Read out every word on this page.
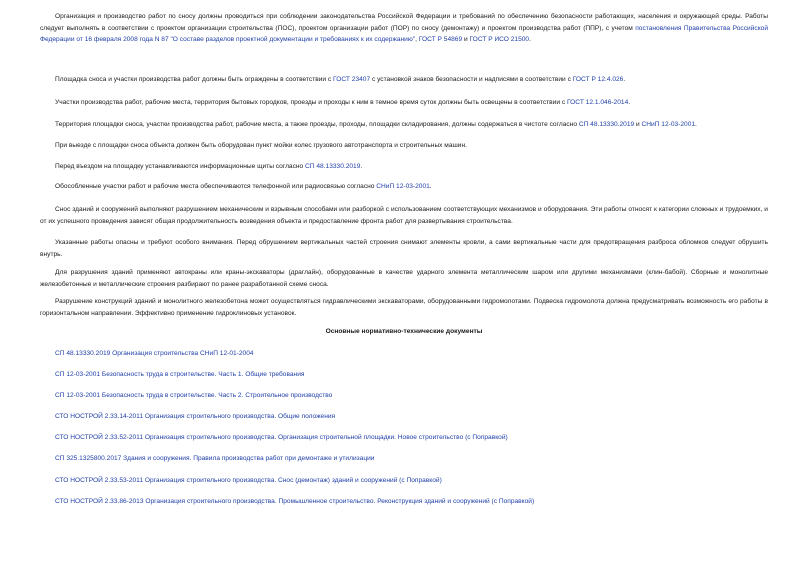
Организация и производство работ по сносу должны проводиться при соблюдении законодательства Российской Федерации и требований по обеспечению безопасности работающих, населения и окружающей среды. Работы следует выполнять в соответствии с проектом организации строительства (ПОС), проектом организации работ (ПОР) по сносу (демонтажу) и проектом производства работ (ППР), с учетом постановления Правительства Российской Федерации от 16 февраля 2008 года N 87 "О составе разделов проектной документации и требованиях к их содержанию", ГОСТ Р 54869 и ГОСТ Р ИСО 21500.

Площадка сноса и участки производства работ должны быть ограждены в соответствии с ГОСТ 23407 с установкой знаков безопасности и надписями в соответствии с ГОСТ Р 12.4.026.

Участки производства работ, рабочие места, территория бытовых городков, проезды и проходы к ним в темное время суток должны быть освещены в соответствии с ГОСТ 12.1.046-2014.

Территория площадки сноса, участки производства работ, рабочие места, а также проезды, проходы, площадки складирования, должны содержаться в чистоте согласно СП 48.13330.2019 и СНиП 12-03-2001.

При выезде с площадки сноса объекта должен быть оборудован пункт мойки колес грузового автотранспорта и строительных машин.

Перед въездом на площадку устанавливаются информационные щиты согласно СП 48.13330.2019.

Обособленные участки работ и рабочие места обеспечиваются телефонной или радиосвязью согласно СНиП 12-03-2001.

Снос зданий и сооружений выполняют разрушением механическим и взрывным способами или разборкой с использованием соответствующих механизмов и оборудования. Эти работы относят к категории сложных и трудоемких, и от их успешного проведения зависят общая продолжительность возведения объекта и предоставление фронта работ для развертывания строительства.

Указанные работы опасны и требуют особого внимания. Перед обрушением вертикальных частей строения снимают элементы кровли, а сами вертикальные части для предотвращения разброса обломков следует обрушить внутрь.

Для разрушения зданий применяют автокраны или краны-экскаваторы (драглайн), оборудованные в качестве ударного элемента металлическим шаром или другими механизмами (клин-бабой). Сборные и монолитные железобетонные и металлические строения разбирают по ранее разработанной схеме сноса.

Разрушение конструкций зданий и монолитного железобетона может осуществляться гидравлическими экскаваторами, оборудованными гидромолотами. Подвеска гидромолота должна предусматривать возможность его работы в горизонтальном направлении. Эффективно применение гидроклиновых установок.

Основные нормативно-технические документы
СП 48.13330.2019 Организация строительства СНиП 12-01-2004
СП 12-03-2001 Безопасность труда в строительстве. Часть 1. Общие требования
СП 12-03-2001 Безопасность труда в строительстве. Часть 2. Строительное производство
СТО НОСТРОЙ 2.33.14-2011 Организация строительного производства. Общие положения
СТО НОСТРОЙ 2.33.52-2011 Организация строительного производства. Организация строительной площадки. Новое строительство (с Поправкой)
СП 325.1325800.2017 Здания и сооружения. Правила производства работ при демонтаже и утилизации
СТО НОСТРОЙ 2.33.53-2011 Организация строительного производства. Снос (демонтаж) зданий и сооружений (с Поправкой)
СТО НОСТРОЙ 2.33.86-2013 Организация строительного производства. Промышленное строительство. Реконструкция зданий и сооружений (с Поправкой)
